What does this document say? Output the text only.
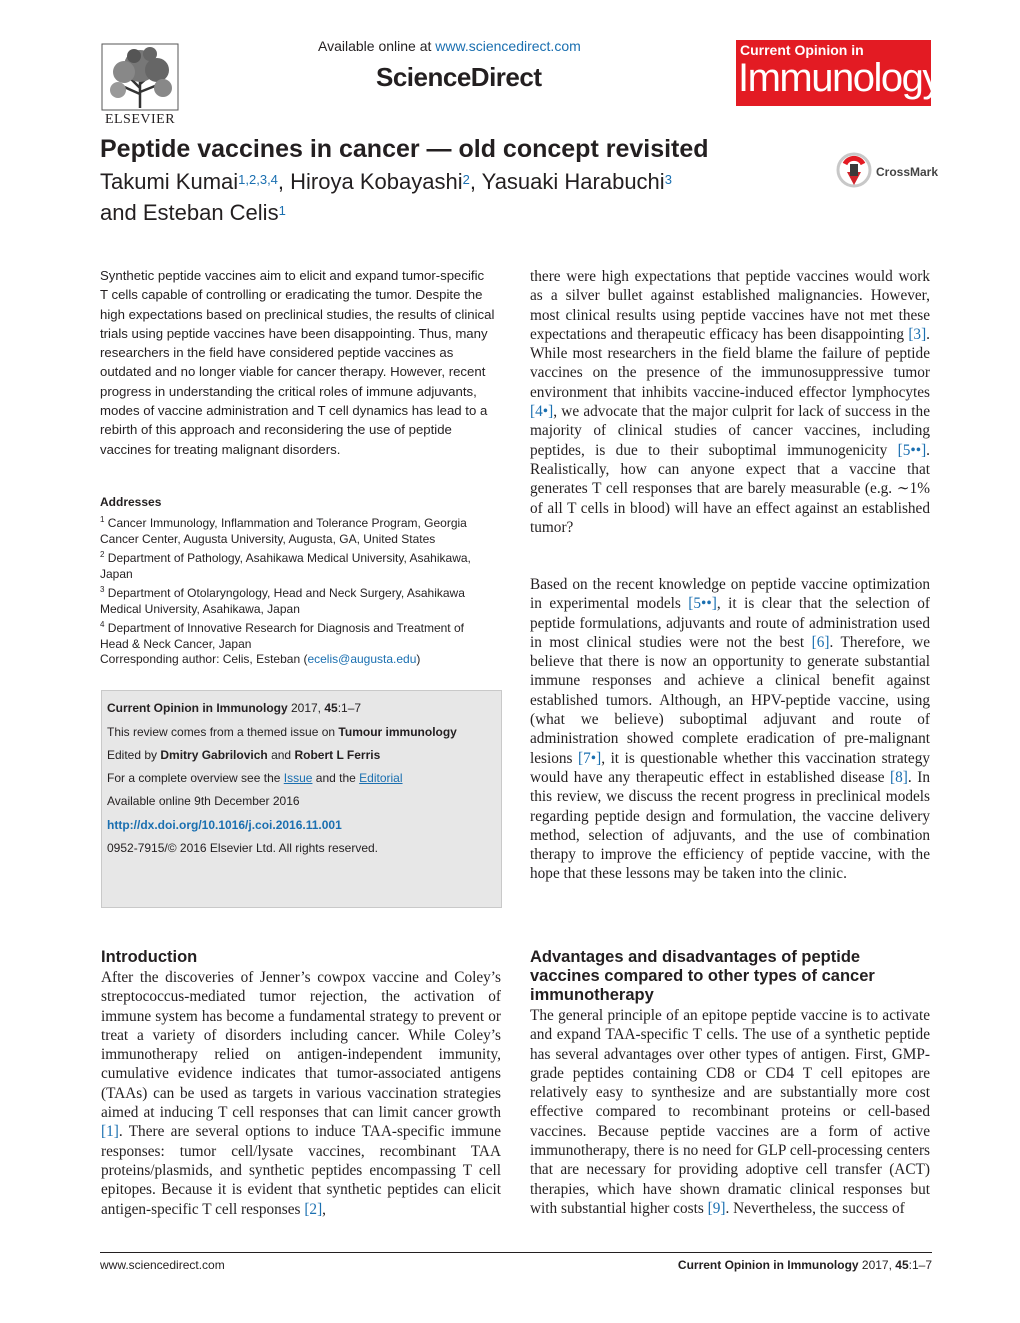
ELSEVIER
Available online at www.sciencedirect.com
ScienceDirect
Current Opinion in
Immunology
Peptide vaccines in cancer — old concept revisited
Takumi Kumai$^{1,2,3,4}$, Hiroya Kobayashi$^2$, Yasuaki Harabuchi$^3$
and Esteban Celis$^1$
CrossMark
Synthetic peptide vaccines aim to elicit and expand tumor-specific T cells capable of controlling or eradicating the tumor. Despite the high expectations based on preclinical studies, the results of clinical trials using peptide vaccines have been disappointing. Thus, many researchers in the field have considered peptide vaccines as outdated and no longer viable for cancer therapy. However, recent progress in understanding the critical roles of immune adjuvants, modes of vaccine administration and T cell dynamics has lead to a rebirth of this approach and reconsidering the use of peptide vaccines for treating malignant disorders.
Addresses
$^1$ Cancer Immunology, Inflammation and Tolerance Program, Georgia Cancer Center, Augusta University, Augusta, GA, United States
$^2$ Department of Pathology, Asahikawa Medical University, Asahikawa, Japan
$^3$ Department of Otolaryngology, Head and Neck Surgery, Asahikawa Medical University, Asahikawa, Japan
$^4$ Department of Innovative Research for Diagnosis and Treatment of Head & Neck Cancer, Japan
Corresponding author: Celis, Esteban (ecelis@augusta.edu)
Current Opinion in Immunology 2017, 45:1–7
This review comes from a themed issue on Tumour immunology
Edited by Dmitry Gabrilovich and Robert L Ferris
For a complete overview see the Issue and the Editorial
Available online 9th December 2016
http://dx.doi.org/10.1016/j.coi.2016.11.001
0952-7915/© 2016 Elsevier Ltd. All rights reserved.
Introduction
After the discoveries of Jenner’s cowpox vaccine and Coley’s streptococcus-mediated tumor rejection, the activation of immune system has become a fundamental strategy to prevent or treat a variety of disorders including cancer. While Coley’s immunotherapy relied on antigen-independent immunity, cumulative evidence indicates that tumor-associated antigens (TAAs) can be used as targets in various vaccination strategies aimed at inducing T cell responses that can limit cancer growth [1]. There are several options to induce TAA-specific immune responses: tumor cell/lysate vaccines, recombinant TAA proteins/plasmids, and synthetic peptides encompassing T cell epitopes. Because it is evident that synthetic peptides can elicit antigen-specific T cell responses [2],
there were high expectations that peptide vaccines would work as a silver bullet against established malignancies. However, most clinical results using peptide vaccines have not met these expectations and therapeutic efficacy has been disappointing [3]. While most researchers in the field blame the failure of peptide vaccines on the presence of the immunosuppressive tumor environment that inhibits vaccine-induced effector lymphocytes [4•], we advocate that the major culprit for lack of success in the majority of clinical studies of cancer vaccines, including peptides, is due to their suboptimal immunogenicity [5••]. Realistically, how can anyone expect that a vaccine that generates T cell responses that are barely measurable (e.g. ∼1% of all T cells in blood) will have an effect against an established tumor?
Based on the recent knowledge on peptide vaccine optimization in experimental models [5••], it is clear that the selection of peptide formulations, adjuvants and route of administration used in most clinical studies were not the best [6]. Therefore, we believe that there is now an opportunity to generate substantial immune responses and achieve a clinical benefit against established tumors. Although, an HPV-peptide vaccine, using (what we believe) suboptimal adjuvant and route of administration showed complete eradication of pre-malignant lesions [7•], it is questionable whether this vaccination strategy would have any therapeutic effect in established disease [8]. In this review, we discuss the recent progress in preclinical models regarding peptide design and formulation, the vaccine delivery method, selection of adjuvants, and the use of combination therapy to improve the efficiency of peptide vaccine, with the hope that these lessons may be taken into the clinic.
Advantages and disadvantages of peptide vaccines compared to other types of cancer immunotherapy
The general principle of an epitope peptide vaccine is to activate and expand TAA-specific T cells. The use of a synthetic peptide has several advantages over other types of antigen. First, GMP-grade peptides containing CD8 or CD4 T cell epitopes are relatively easy to synthesize and are substantially more cost effective compared to recombinant proteins or cell-based vaccines. Because peptide vaccines are a form of active immunotherapy, there is no need for GLP cell-processing centers that are necessary for providing adoptive cell transfer (ACT) therapies, which have shown dramatic clinical responses but with substantial higher costs [9]. Nevertheless, the success of
www.sciencedirect.com	Current Opinion in Immunology 2017, 45:1–7
